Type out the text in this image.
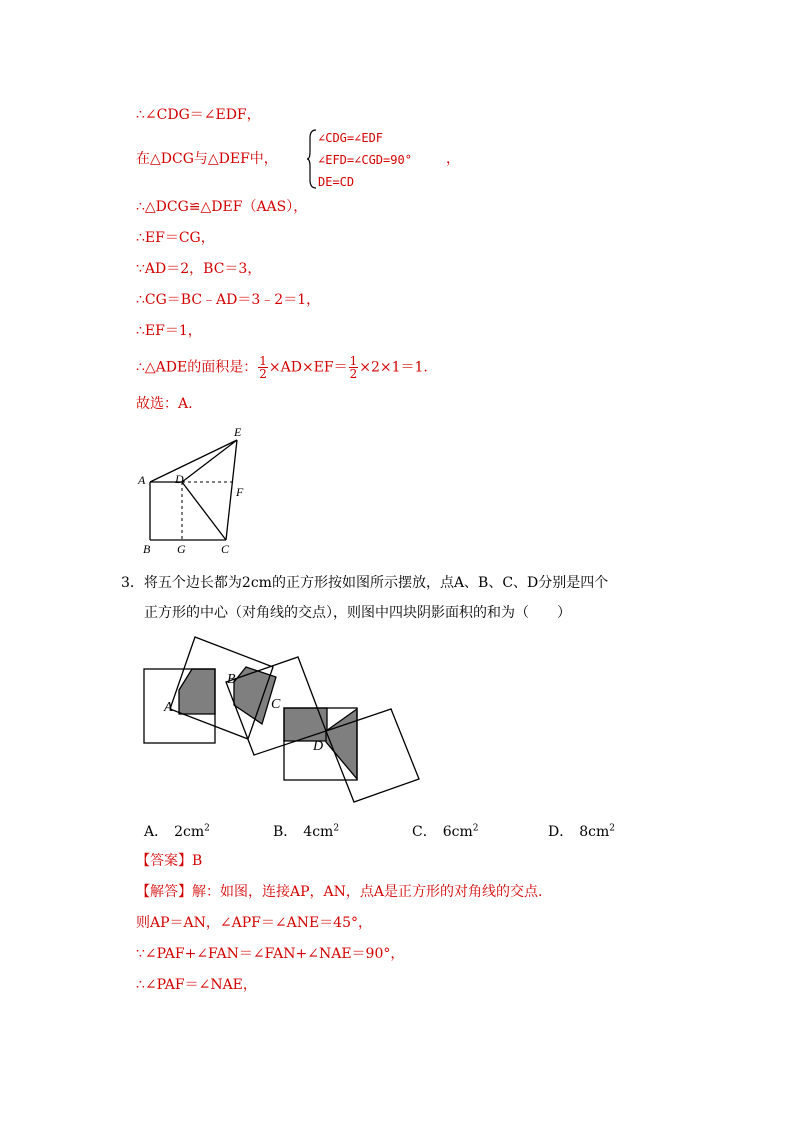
∴∠CDG＝∠EDF，
在△DCG与△DEF中，
∠CDG=∠EDF
∠EFD=∠CGD=90°
DE=CD
，
∴△DCG≌△DEF（AAS），
∴EF＝CG，
∵AD＝2，BC＝3，
∴CG＝BC﹣AD＝3﹣2＝1，
∴EF＝1，
∴△ADE的面积是： $\frac{1}{2} \times AD\times EF= \frac{1}{2} \times 2\times 1=1$.
故选：A.
E
A D
F
B G	C
3．将五个边长都为2cm的正方形按如图所示摆放，点A、B、C、D分别是四个
正方形的中心（对角线的交点），则图中四块阴影面积的和为（　　）
A
B
C
D
A． $2cm^2$	B． $4cm^2$	C． $6cm^2$	D． $8cm^2$
【答案】B
【解答】解：如图，连接AP，AN，点A是正方形的对角线的交点.
则AP＝AN，∠APF＝∠ANE＝45°，
∵∠PAF+∠FAN＝∠FAN+∠NAE＝90°，
∴∠PAF＝∠NAE，
